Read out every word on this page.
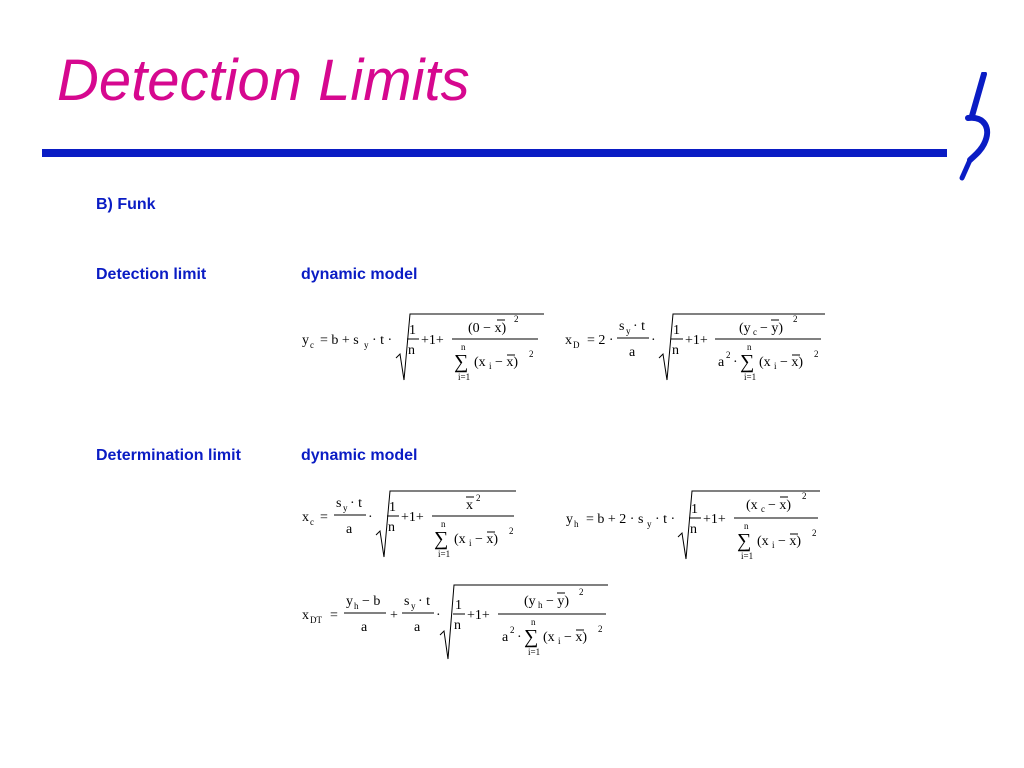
Detection Limits
B) Funk
Detection limit	dynamic model
Determination limit	dynamic model
y c = b + s y · t ·
1
n
+1+
(0 − x)
2
n
∑
i=1
(x i − x)
2
x D = 2 ·
s y · t
a
·
1
n
+1+
(y c − y)
2
a 2 ·
n
∑
i=1
(x i − x)
2
x c =
s y · t
a
·
1
n
+1+
x 2
n
∑
i=1
(x i − x)
2
y h = b + 2 · s y · t ·
1
n
+1+
(x c − x)
2
n
∑
i=1
(x i − x)
2
x DT =
y h − b
a
+
s y · t
a
·
1
n
+1+
(y h − y)
2
a 2 ·
n
∑
i=1
(x i − x)
2
